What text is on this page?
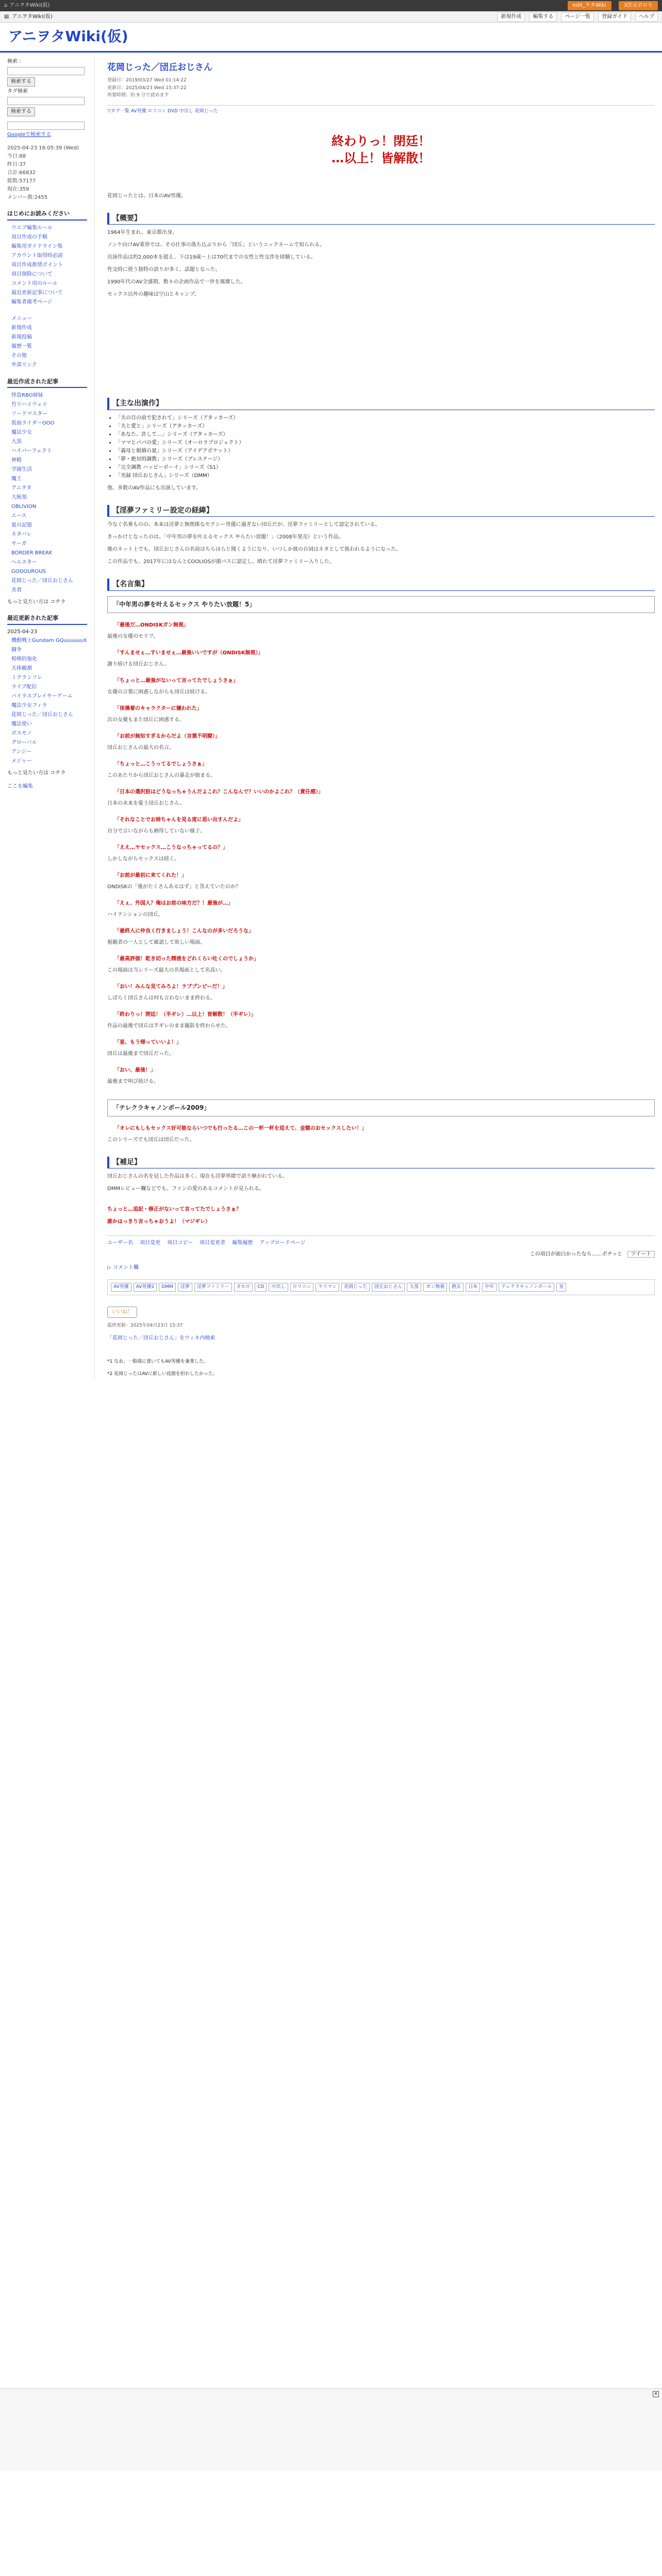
⌂ アニヲタWiki(仮)	edit_ヲタWiki	3次元ボロり
▤ アニヲタWiki(仮)	新規作成	編集する	ページ一覧	登録ガイド	ヘルプ
アニヲタWiki(仮)
検索 :
検索する
タグ検索
検索する
Googleで検索する
2025-04-23 16:05:39 (Wed)
今日:88
昨日:37
合計:66832
総数:57177
現在:359
メンバー数:2455
はじめにお読みください
ウエブ編集ルール
項目作成の手順
編集用ガイドライン集
アカウント取得時必読
項目作成推奨ポイント
項目削除について
コメント用のルール
最近更新記事について
編集者備考ページ
メニュー
新規作成
新規投稿
履歴一覧
その他
外部リンク
最近作成された記事
怪盗RBO姉妹
竹下ハイウェイ
ソードマスター
仮面ライダーOOO
魔法少女
大黒
ハイパーフェクト
神殿
学園生活
魔王
アニヲタ
大統領
OBLIVION
エース
夏の記憶
ネタバレ
サーガ
BORDER BREAK
ヘルスター
GODOUROUS
花岡じった／団丘おじさん
美食
もっと見たい方は コチラ
最近更新された記事
2025-04-23
機動戦士Gundam GQuuuuuuX
闘争
相棒的強化
天体観測
ミクランソレ
ライブ配信
バイラスプレイヤーゲーム
魔法少女フィラ
花岡じった／団丘おじさん
魔法使い
ボスモノ
グローバル
アンジー
メジャー
もっと見たい方は コチラ
ここを編集
花岡じった／団丘おじさん
登録日：2019/03/27 Wed 01:14:22
更新日：2025/04/23 Wed 15:37:22
所要時間：約 9 分で読めます
▽タグ一覧 AV男優 ロリコン DVD 中出し 花岡じった
終わりっ！閉廷！
…以上！皆解散！
花岡じったとは、日本のAV男優。
【概要】
1964年生まれ、東京都出身。
ノンケ向けAV業界では、その仕事の落ち込ぶりから「団丘」というニックネームで知られる。
出演作品は約2,000本を超え、下は19歳～上は70代までの女性と性交渉を経験している。
性交時に使う独特の語りが多く、話題となった。
1990年代のAV全盛期、数々の企画作品で一世を風靡した。
セックス以外の趣味は空山とキャンプ。
【主な出演作】
• 「夫の目の前で犯されて」シリーズ（アタッカーズ）
• 「夫と愛と」シリーズ（アタッカーズ）
• 「あなた、許して…」シリーズ（アタッカーズ）
• 「ママとパパの愛」シリーズ（オーロラプロジェクト）
• 「義母と娘婿の夏」シリーズ（アイデアポケット）
• 「夢・絶対的調教」シリーズ（ブレステージ）
• 「完全調教 ハッピーボーイ」シリーズ（S1）
• 「実録 団丘おじさん」シリーズ（DMM）
他、多数のAV作品にも出演しています。
【淫夢ファミリー設定の経緯】
今なぐ名乗ものの、本来は淫夢と無関係なセクシー男優に過ぎない団丘だが、淫夢ファミリーとして認定されている。
きっかけとなったのは、「中年男の夢を叶えるセックス やらたい放題！」（2008年発売）という作品。
後のネット上でも、団丘おじさんの名前はちらほらと聞くようになり、いつしか彼の台詞はネタとして扱われるようになった。
この作品でも、2017年にはなんとCOOLIOSが顔パスに認定し、晴れて淫夢ファミリー入りした。
【名言集】
「中年男の夢を叶えるセックス やりたい放題！5」
「最後だ…ONDISKガン無視」
最後の女優のセリフ。
「すんませぇ…すいませぇ…最強いいですが（ONDISK無視）」
謝り続ける団丘おじさん。
「ちょっと…最強がないって言ってたでしょうさぁ」
女優の言葉に困惑しながらも団丘は続ける。
「体操着のキャラクターに嫌われた」
次の女優もまた団丘に困惑する。
「お前が無知すぎるからだよ（言葉不明瞭）」
団丘おじさんの最大の名言。
「ちょっと…こうってるでしょうさぁ」
このあたりから団丘おじさんの暴走が始まる。
「日本の選択肢はどうなっちゃうんだよこれ？こんなんで？いいのかよこれ？（責任感）」
日本の未来を憂う団丘おじさん。
「それなことでお姉ちゃんを見る度に思い出すんだよ」
自分で言いながらも納得していない様子。
「ええ…ヤセックス…こうなっちゃってるの？」
しかしながらセックスは続く。
「お前が最初に来てくれた！」
ONDISKの「後がたくさんあるはず」と答えていたのか？
「えぇ、外国人？俺はお前の味方だ？！最強が…」
ハイテンションの団丘。
「最終人に仲良く行きましょう！こんなのが多いだろうな」
視聴者の一人として確認して欲しい場面。
「最高評価！乾き切った精液をどれくらい吐くのでしょうか」
この場面は当シリーズ最大の名場面として名高い。
「おい！みんな見てみろよ！ラブプンピーだ！」
しばらく団丘さんは何も言わないまま終わる。
「終わりっ！閉廷！（半ギレ）…以上！皆解散！（半ギレ）」
作品の最後で団丘は半ギレのまま撮影を終わらせた。
「星、もう帰っていいよ！」
団丘は最後まで団丘だった。
「おい、最後！」
最後まで叫び続ける。
「テレクラキャノンボール2009」
「オレにもしもセックス好可能ならいつでも行ったる…この一杯一杯を迎えて、金額のおセックスしたい！」
このシリーズでも団丘は団丘だった。
【補足】
団丘おじさんの名を冠した作品は多く、現在も淫夢界隈で語り継がれている。
DMMレビュー欄などでも、ファンの愛のあるコメントが見られる。
ちょっと…追記・修正がないって言ってたでしょうさぁ？
誰かはっきり言っちゃおうよ！（マジギレ）
ユーザー名 項目変更 項目コピー 項目変更者 編集履歴 アップロードページ
この項目が面白かったなら……ポチッと ツイート
▷ コメント欄
AV男優 AV男優2 DMM 淫夢 淫夢ファミリー オセロ CD 中出し ロリコン ヤリマン 花岡じった 団丘おじさん 大黒 ガン無視 熟女 日本 中年 テレクラキャノンボール 星
いいね！
最終更新：2025年04月23日 15:37
「花岡じった／団丘おじさん」をウィキ内検索
*1 なお、一般端に置いてもAV男優を兼業した。
*2 花岡じったはAVに新しい役割を担わしたかった。
✕
